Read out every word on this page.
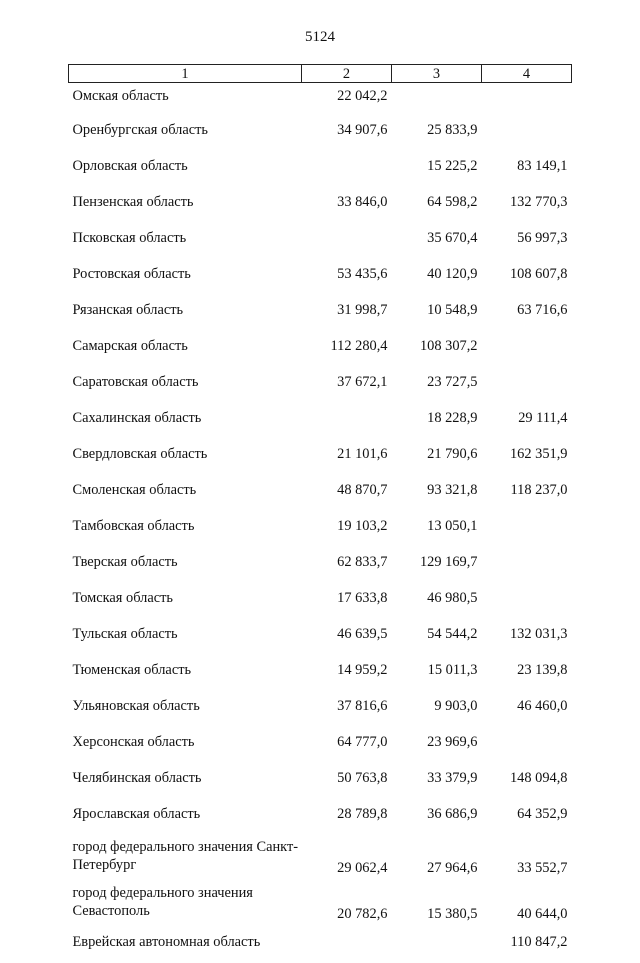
5124
1	2	3	4
Омская область	22 042,2		
Оренбургская область	34 907,6	25 833,9	
Орловская область		15 225,2	83 149,1
Пензенская область	33 846,0	64 598,2	132 770,3
Псковская область		35 670,4	56 997,3
Ростовская область	53 435,6	40 120,9	108 607,8
Рязанская область	31 998,7	10 548,9	63 716,6
Самарская область	112 280,4	108 307,2	
Саратовская область	37 672,1	23 727,5	
Сахалинская область		18 228,9	29 111,4
Свердловская область	21 101,6	21 790,6	162 351,9
Смоленская область	48 870,7	93 321,8	118 237,0
Тамбовская область	19 103,2	13 050,1	
Тверская область	62 833,7	129 169,7	
Томская область	17 633,8	46 980,5	
Тульская область	46 639,5	54 544,2	132 031,3
Тюменская область	14 959,2	15 011,3	23 139,8
Ульяновская область	37 816,6	9 903,0	46 460,0
Херсонская область	64 777,0	23 969,6	
Челябинская область	50 763,8	33 379,9	148 094,8
Ярославская область	28 789,8	36 686,9	64 352,9
город федерального значения Санкт-Петербург	29 062,4	27 964,6	33 552,7
город федерального значения Севастополь	20 782,6	15 380,5	40 644,0
Еврейская автономная область			110 847,2
